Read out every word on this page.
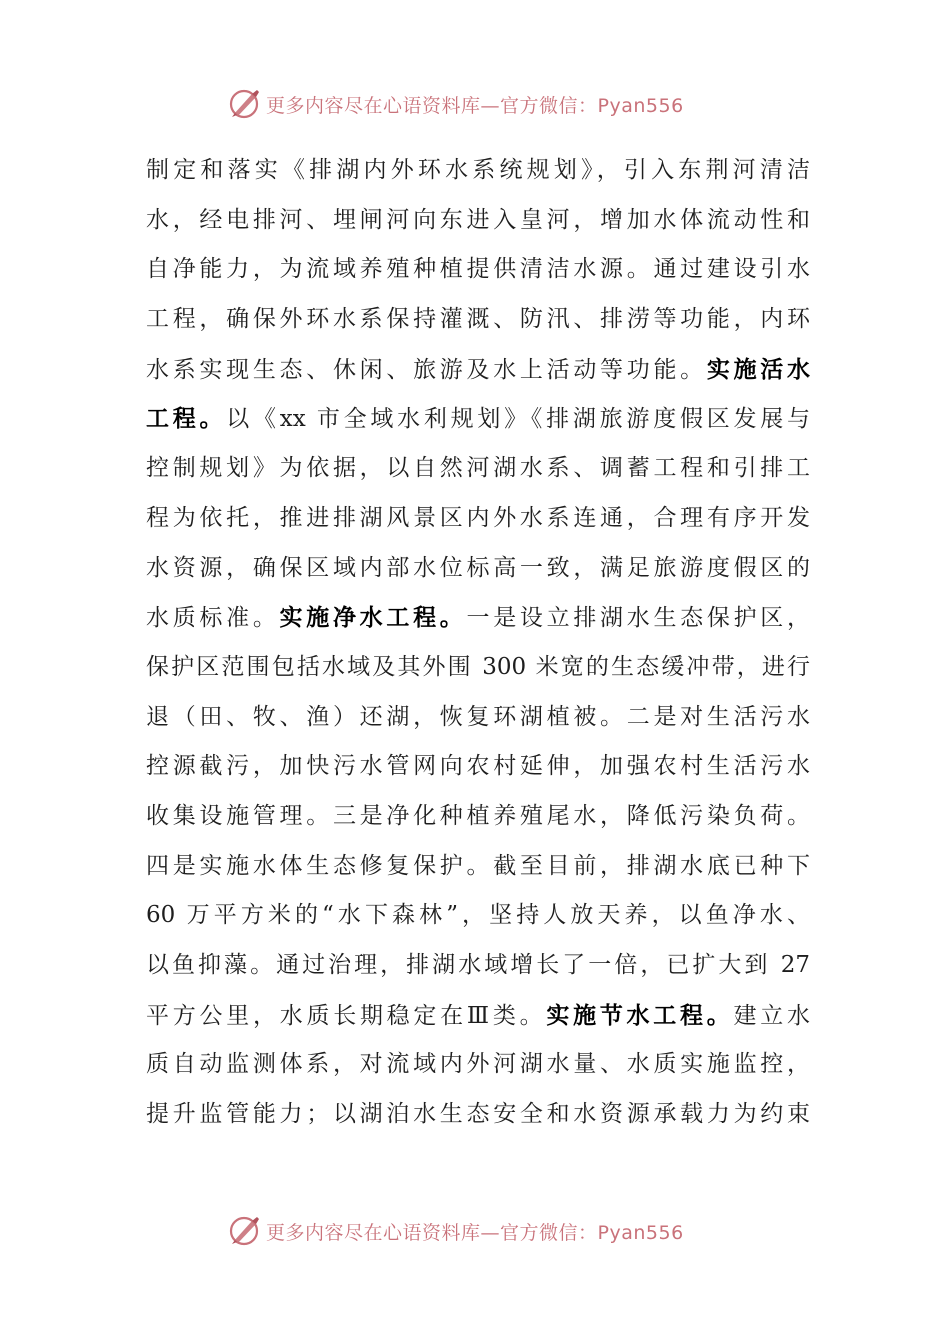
更多内容尽在心语资料库—官方微信：Pyan556
制定和落实《排湖内外环水系统规划》，引入东荆河清洁
水，经电排河、埋闸河向东进入皇河，增加水体流动性和
自净能力，为流域养殖种植提供清洁水源。通过建设引水
工程，确保外环水系保持灌溉、防汛、排涝等功能，内环
水系实现生态、休闲、旅游及水上活动等功能。实施活水
工程。以《xx 市全域水利规划》《排湖旅游度假区发展与
控制规划》为依据，以自然河湖水系、调蓄工程和引排工
程为依托，推进排湖风景区内外水系连通，合理有序开发
水资源，确保区域内部水位标高一致，满足旅游度假区的
水质标准。实施净水工程。一是设立排湖水生态保护区，
保护区范围包括水域及其外围 300 米宽的生态缓冲带，进行
退（田、牧、渔）还湖，恢复环湖植被。二是对生活污水
控源截污，加快污水管网向农村延伸，加强农村生活污水
收集设施管理。三是净化种植养殖尾水，降低污染负荷。
四是实施水体生态修复保护。截至目前，排湖水底已种下
60 万平方米的“水下森林”，坚持人放天养，以鱼净水、
以鱼抑藻。通过治理，排湖水域增长了一倍，已扩大到 27
平方公里，水质长期稳定在Ⅲ类。实施节水工程。建立水
质自动监测体系，对流域内外河湖水量、水质实施监控，
提升监管能力；以湖泊水生态安全和水资源承载力为约束
更多内容尽在心语资料库—官方微信：Pyan556
